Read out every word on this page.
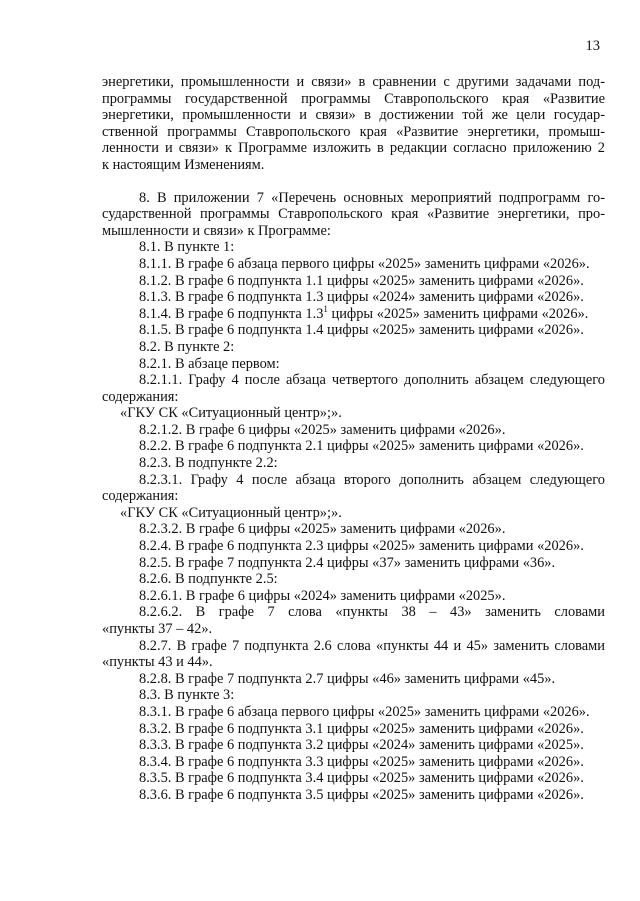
13

энергетики, промышленности и связи» в сравнении с другими задачами под-

программы государственной программы Ставропольского края «Развитие

энергетики, промышленности и связи» в достижении той же цели государ-

ственной программы Ставропольского края «Развитие энергетики, промыш-

ленности и связи» к Программе изложить в редакции согласно приложению 2

к настоящим Изменениям.

8. В приложении 7 «Перечень основных мероприятий подпрограмм го-

сударственной программы Ставропольского края «Развитие энергетики, про-

мышленности и связи» к Программе:

8.1. В пункте 1:

8.1.1. В графе 6 абзаца первого цифры «2025» заменить цифрами «2026».

8.1.2. В графе 6 подпункта 1.1 цифры «2025» заменить цифрами «2026».

8.1.3. В графе 6 подпункта 1.3 цифры «2024» заменить цифрами «2026».

8.1.4. В графе 6 подпункта $1.3^1$ цифры «2025» заменить цифрами «2026».

8.1.5. В графе 6 подпункта 1.4 цифры «2025» заменить цифрами «2026».

8.2. В пункте 2:

8.2.1. В абзаце первом:

8.2.1.1. Графу 4 после абзаца четвертого дополнить абзацем следующего

содержания:

«ГКУ СК «Ситуационный центр»;».

8.2.1.2. В графе 6 цифры «2025» заменить цифрами «2026».

8.2.2. В графе 6 подпункта 2.1 цифры «2025» заменить цифрами «2026».

8.2.3. В подпункте 2.2:

8.2.3.1. Графу 4 после абзаца второго дополнить абзацем следующего

содержания:

«ГКУ СК «Ситуационный центр»;».

8.2.3.2. В графе 6 цифры «2025» заменить цифрами «2026».

8.2.4. В графе 6 подпункта 2.3 цифры «2025» заменить цифрами «2026».

8.2.5. В графе 7 подпункта 2.4 цифры «37» заменить цифрами «36».

8.2.6. В подпункте 2.5:

8.2.6.1. В графе 6 цифры «2024» заменить цифрами «2025».

8.2.6.2. В графе 7 слова «пункты 38 – 43» заменить словами

«пункты 37 – 42».

8.2.7. В графе 7 подпункта 2.6 слова «пункты 44 и 45» заменить словами

«пункты 43 и 44».

8.2.8. В графе 7 подпункта 2.7 цифры «46» заменить цифрами «45».

8.3. В пункте 3:

8.3.1. В графе 6 абзаца первого цифры «2025» заменить цифрами «2026».

8.3.2. В графе 6 подпункта 3.1 цифры «2025» заменить цифрами «2026».

8.3.3. В графе 6 подпункта 3.2 цифры «2024» заменить цифрами «2025».

8.3.4. В графе 6 подпункта 3.3 цифры «2025» заменить цифрами «2026».

8.3.5. В графе 6 подпункта 3.4 цифры «2025» заменить цифрами «2026».

8.3.6. В графе 6 подпункта 3.5 цифры «2025» заменить цифрами «2026».
